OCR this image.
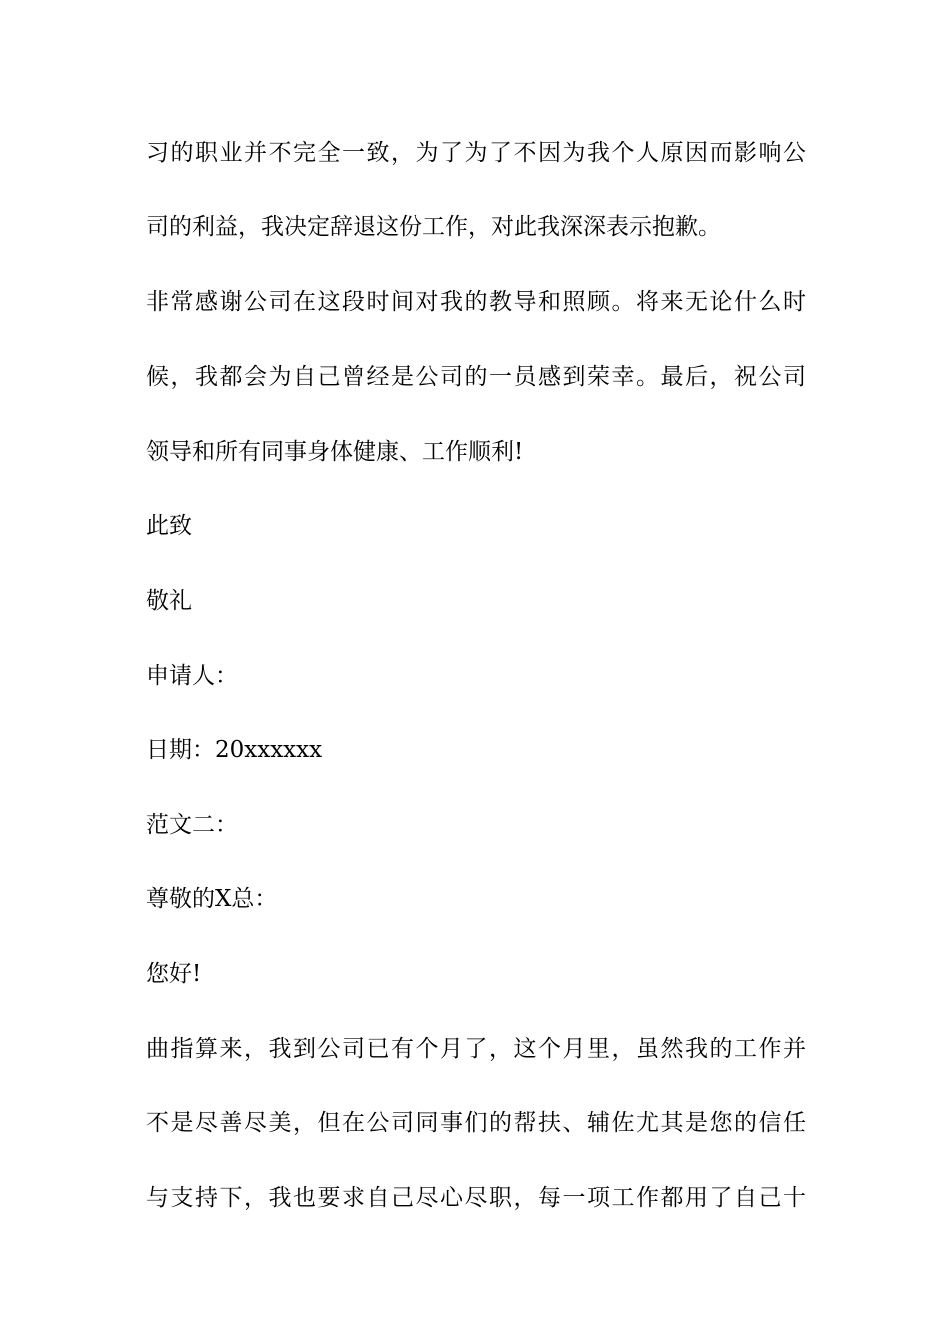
习的职业并不完全一致，为了为了不因为我个人原因而影响公
司的利益，我决定辞退这份工作，对此我深深表示抱歉。
非常感谢公司在这段时间对我的教导和照顾。将来无论什么时
候，我都会为自己曾经是公司的一员感到荣幸。最后，祝公司
领导和所有同事身体健康、工作顺利!
此致
敬礼
申请人：
日期：20xxxxxx
范文二：
尊敬的X总：
您好!
曲指算来，我到公司已有个月了，这个月里，虽然我的工作并
不是尽善尽美，但在公司同事们的帮扶、辅佐尤其是您的信任
与支持下，我也要求自己尽心尽职，每一项工作都用了自己十
